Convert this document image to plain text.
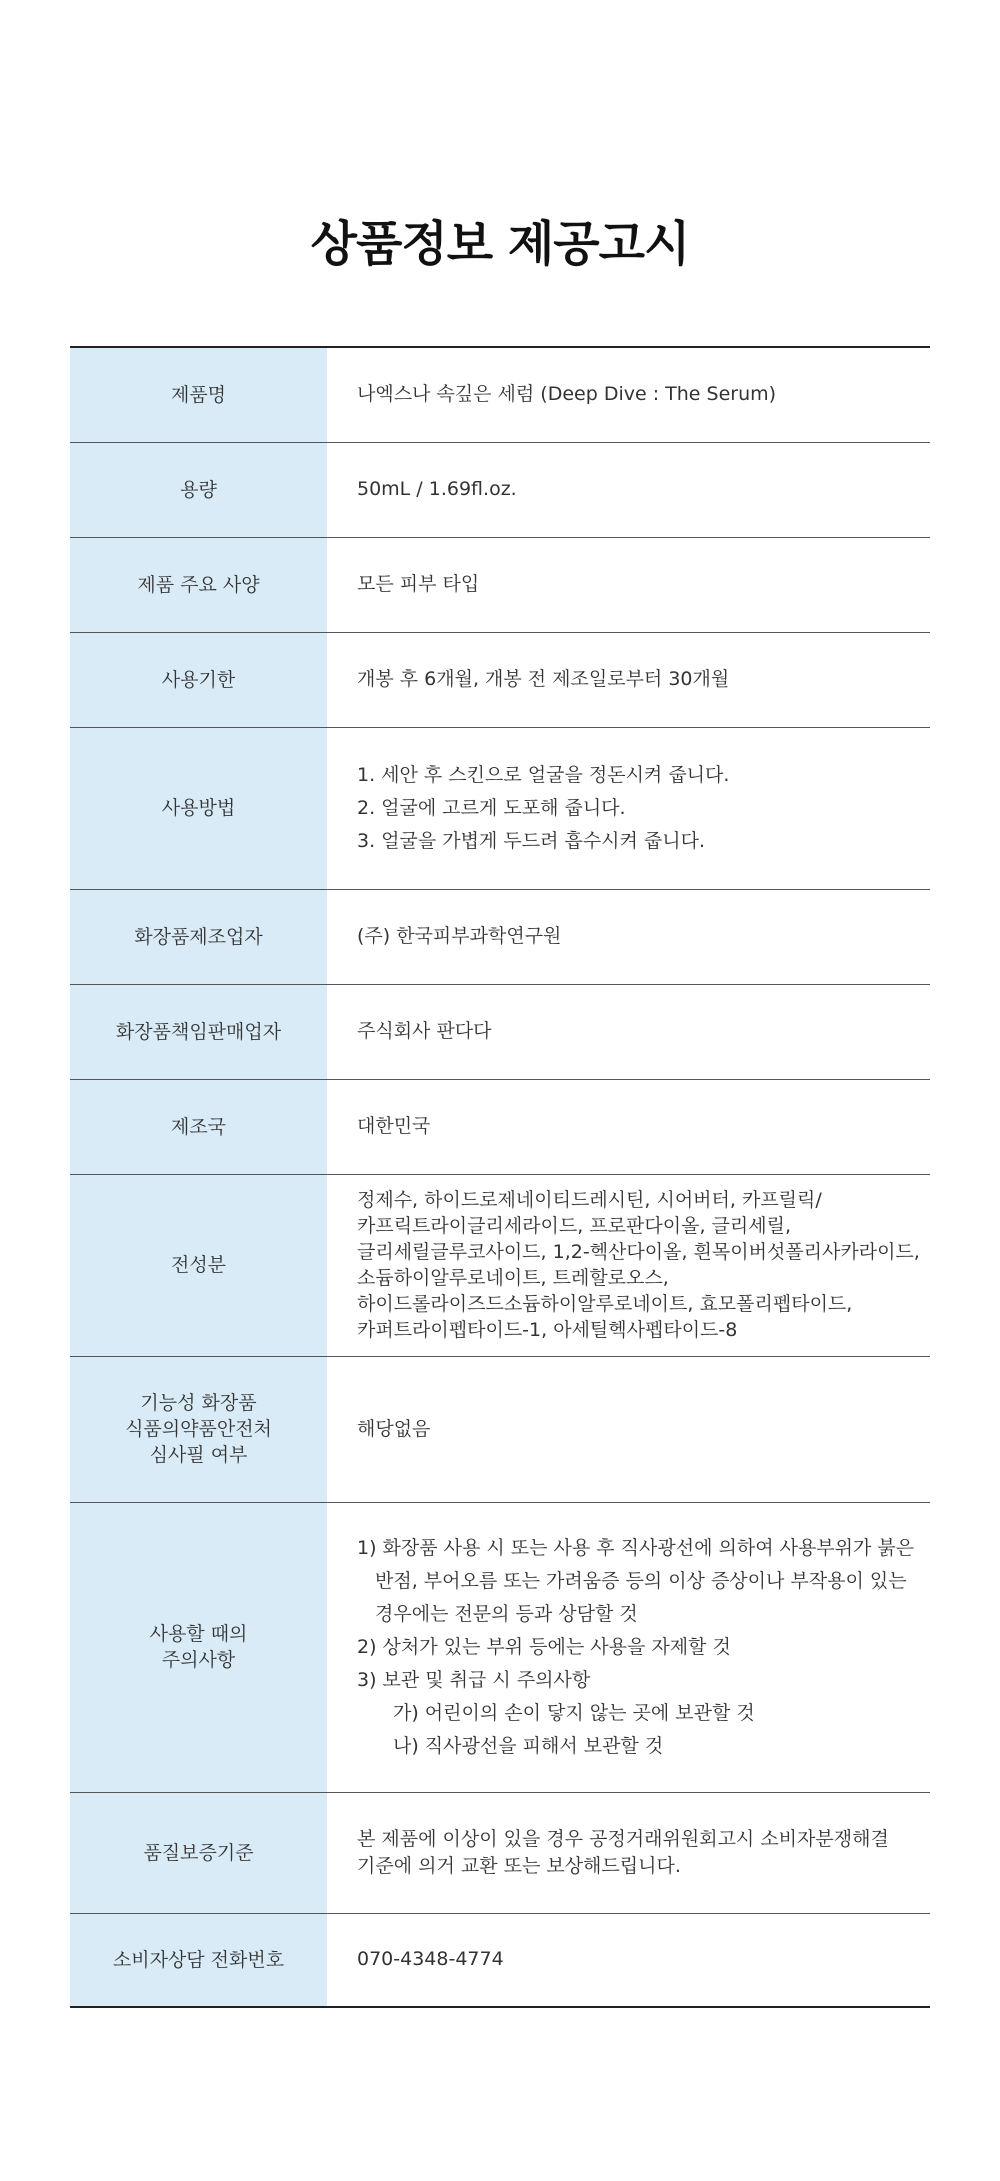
상품정보 제공고시
제품명	나엑스나 속깊은 세럼 (Deep Dive : The Serum)

용량	50mL / 1.69fl.oz.

제품 주요 사양	모든 피부 타입

사용기한	개봉 후 6개월, 개봉 전 제조일로부터 30개월

사용방법	1. 세안 후 스킨으로 얼굴을 정돈시켜 줍니다.
2. 얼굴에 고르게 도포해 줍니다.
3. 얼굴을 가볍게 두드려 흡수시켜 줍니다.

화장품제조업자	(주) 한국피부과학연구원

화장품책임판매업자	주식회사 판다다

제조국	대한민국

전성분	정제수, 하이드로제네이티드레시틴, 시어버터, 카프릴릭/카프릭트라이글리세라이드, 프로판다이올, 글리세릴, 글리세릴글루코사이드, 1,2-헥산다이올, 흰목이버섯폴리사카라이드, 소듐하이알루로네이트, 트레할로오스, 하이드롤라이즈드소듐하이알루로네이트, 효모폴리펩타이드, 카퍼트라이펩타이드-1, 아세틸헥사펩타이드-8

기능성 화장품
식품의약품안전처
심사필 여부	해당없음

사용할 때의
주의사항	1) 화장품 사용 시 또는 사용 후 직사광선에 의하여 사용부위가 붉은 반점, 부어오름 또는 가려움증 등의 이상 증상이나 부작용이 있는 경우에는 전문의 등과 상담할 것
2) 상처가 있는 부위 등에는 사용을 자제할 것
3) 보관 및 취급 시 주의사항
가) 어린이의 손이 닿지 않는 곳에 보관할 것
나) 직사광선을 피해서 보관할 것

품질보증기준	본 제품에 이상이 있을 경우 공정거래위원회고시 소비자분쟁해결 기준에 의거 교환 또는 보상해드립니다.

소비자상담 전화번호	070-4348-4774
